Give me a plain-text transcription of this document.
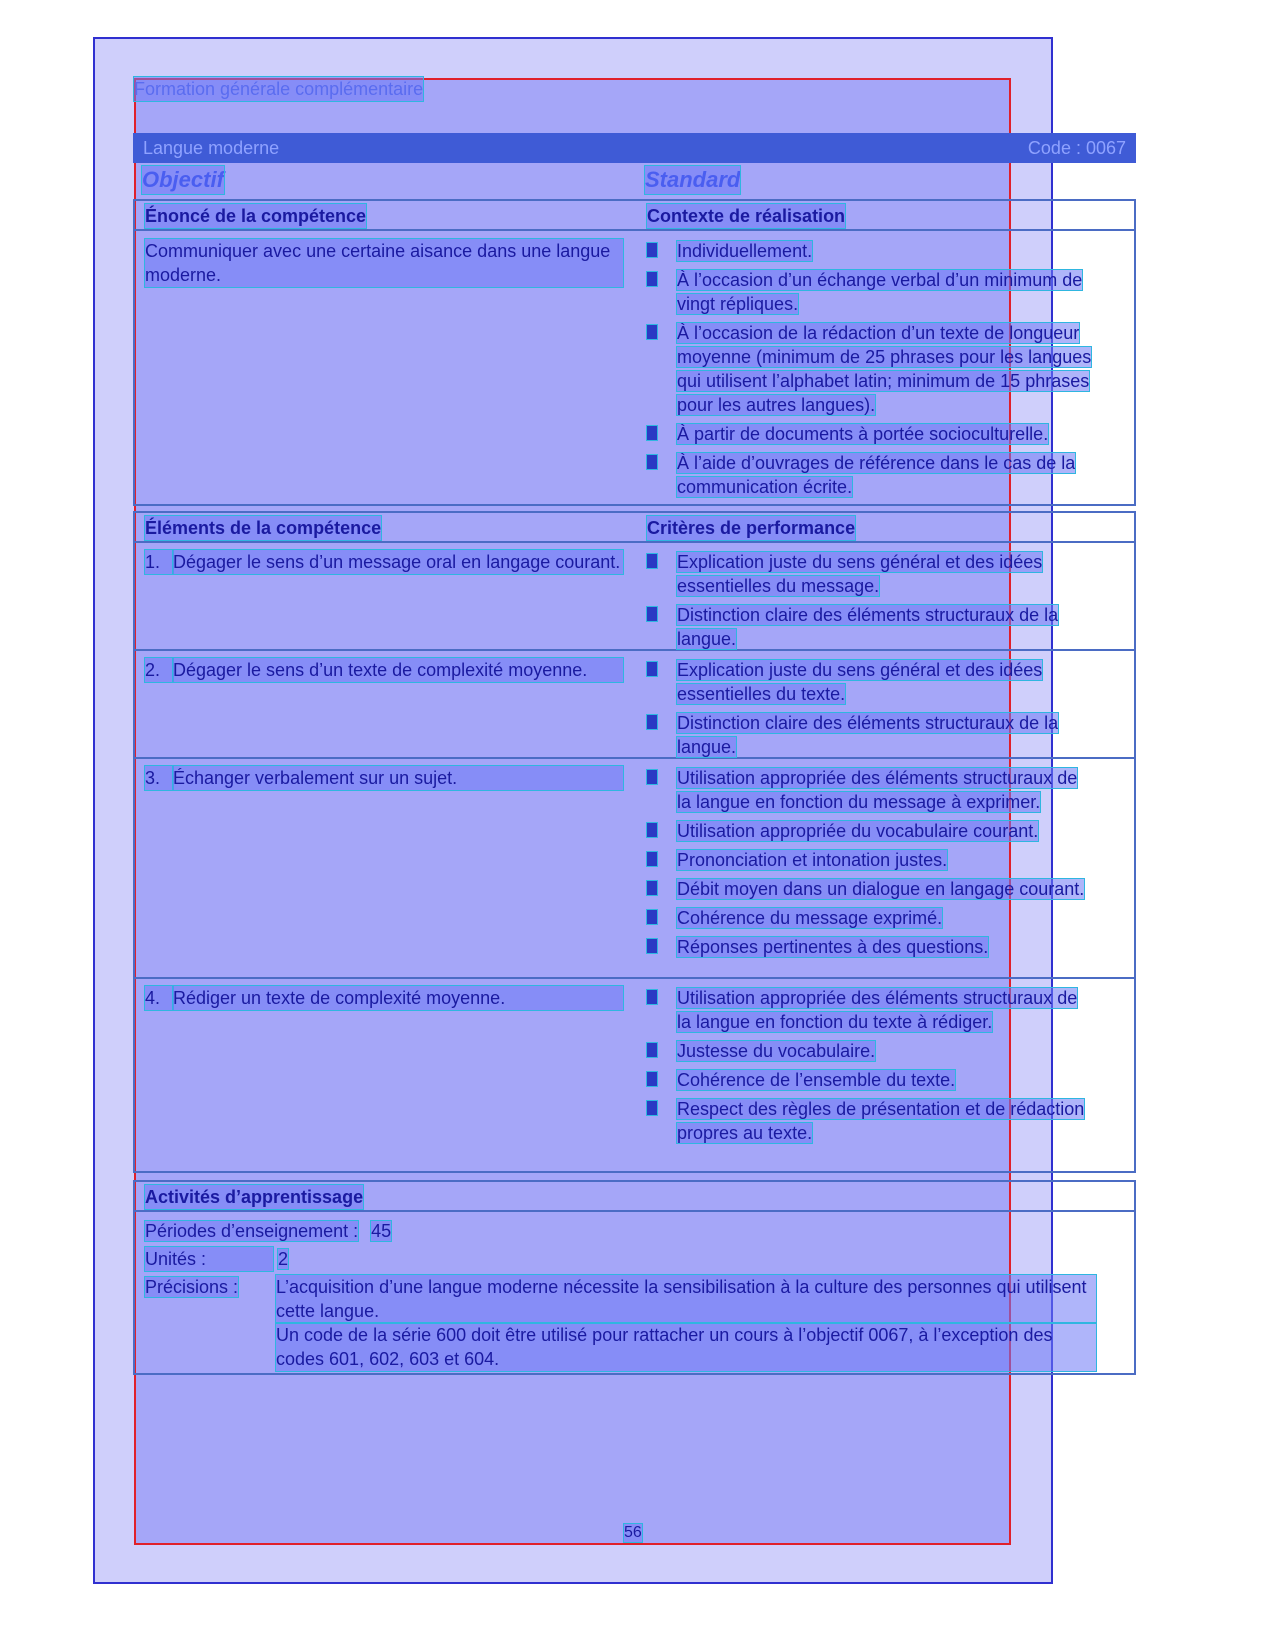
Formation générale complémentaire
Langue moderne	Code : 0067
Objectif	Standard
Énoncé de la compétence	Contexte de réalisation
Communiquer avec une certaine aisance dans une langue moderne.
Individuellement.
À l’occasion d’un échange verbal d’un minimum de vingt répliques.
À l’occasion de la rédaction d’un texte de longueur moyenne (minimum de 25 phrases pour les langues qui utilisent l’alphabet latin; minimum de 15 phrases pour les autres langues).
À partir de documents à portée socioculturelle.
À l’aide d’ouvrages de référence dans le cas de la communication écrite.
Éléments de la compétence	Critères de performance
1. Dégager le sens d’un message oral en langage courant.	Explication juste du sens général et des idées essentielles du message.
Distinction claire des éléments structuraux de la langue.
2. Dégager le sens d’un texte de complexité moyenne.	Explication juste du sens général et des idées essentielles du texte.
Distinction claire des éléments structuraux de la langue.
3. Échanger verbalement sur un sujet.	Utilisation appropriée des éléments structuraux de la langue en fonction du message à exprimer.
Utilisation appropriée du vocabulaire courant.
Prononciation et intonation justes.
Débit moyen dans un dialogue en langage courant.
Cohérence du message exprimé.
Réponses pertinentes à des questions.
4. Rédiger un texte de complexité moyenne.	Utilisation appropriée des éléments structuraux de la langue en fonction du texte à rédiger.
Justesse du vocabulaire.
Cohérence de l’ensemble du texte.
Respect des règles de présentation et de rédaction propres au texte.
Activités d’apprentissage
Périodes d’enseignement : 45
Unités :	2
Précisions : L’acquisition d’une langue moderne nécessite la sensibilisation à la culture des personnes qui utilisent cette langue.
Un code de la série 600 doit être utilisé pour rattacher un cours à l’objectif 0067, à l’exception des codes 601, 602, 603 et 604.
56
